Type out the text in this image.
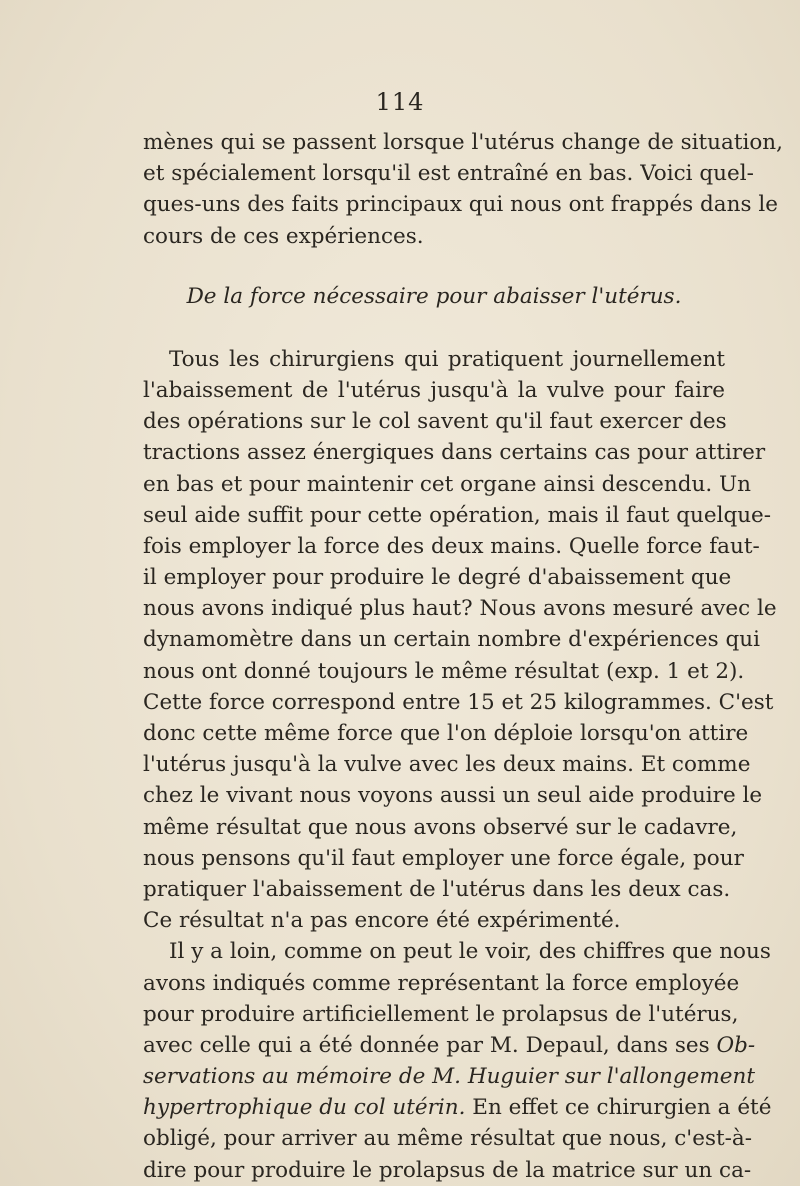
114
mènes qui se passent lorsque l'utérus change de situation,
et spécialement lorsqu'il est entraîné en bas. Voici quel-
ques-uns des faits principaux qui nous ont frappés dans le
cours de ces expériences.
De la force nécessaire pour abaisser l'utérus.
Tous les chirurgiens qui pratiquent journellement
l'abaissement de l'utérus jusqu'à la vulve pour faire
des opérations sur le col savent qu'il faut exercer des
tractions assez énergiques dans certains cas pour attirer
en bas et pour maintenir cet organe ainsi descendu. Un
seul aide suffit pour cette opération, mais il faut quelque-
fois employer la force des deux mains. Quelle force faut-
il employer pour produire le degré d'abaissement que
nous avons indiqué plus haut? Nous avons mesuré avec le
dynamomètre dans un certain nombre d'expériences qui
nous ont donné toujours le même résultat (exp. 1 et 2).
Cette force correspond entre 15 et 25 kilogrammes. C'est
donc cette même force que l'on déploie lorsqu'on attire
l'utérus jusqu'à la vulve avec les deux mains. Et comme
chez le vivant nous voyons aussi un seul aide produire le
même résultat que nous avons observé sur le cadavre,
nous pensons qu'il faut employer une force égale, pour
pratiquer l'abaissement de l'utérus dans les deux cas.
Ce résultat n'a pas encore été expérimenté.
Il y a loin, comme on peut le voir, des chiffres que nous
avons indiqués comme représentant la force employée
pour produire artificiellement le prolapsus de l'utérus,
avec celle qui a été donnée par M. Depaul, dans ses Ob-
servations au mémoire de M. Huguier sur l'allongement
hypertrophique du col utérin. En effet ce chirurgien a été
obligé, pour arriver au même résultat que nous, c'est-à-
dire pour produire le prolapsus de la matrice sur un ca-
